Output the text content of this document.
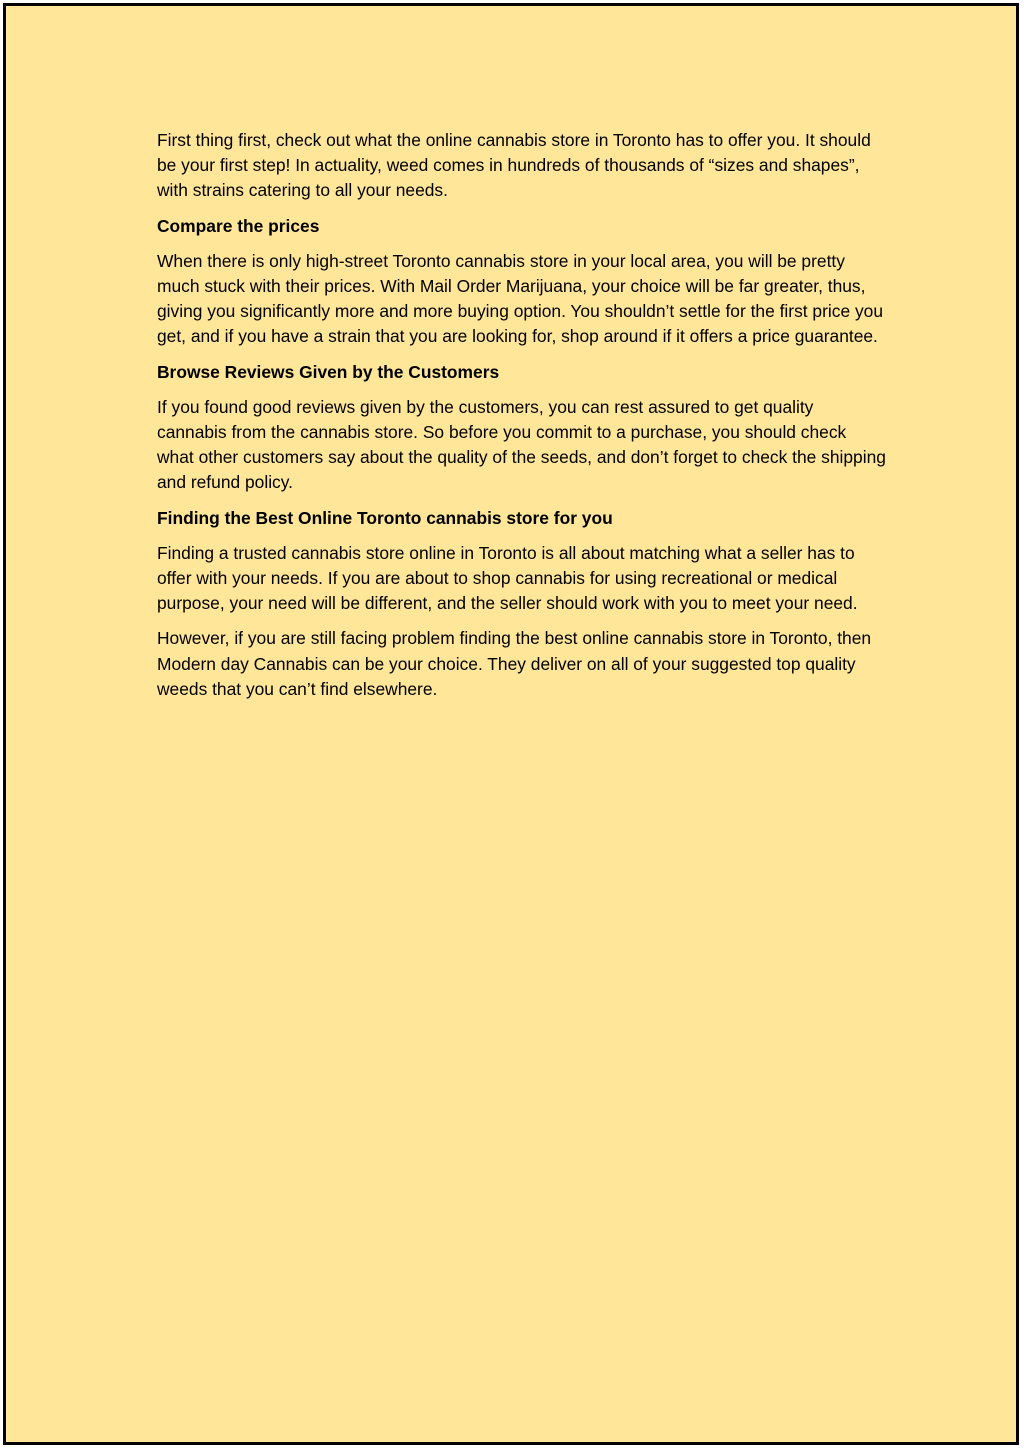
First thing first, check out what the online cannabis store in Toronto has to offer you. It should be your first step! In actuality, weed comes in hundreds of thousands of “sizes and shapes”, with strains catering to all your needs.

Compare the prices

When there is only high-street Toronto cannabis store in your local area, you will be pretty much stuck with their prices. With Mail Order Marijuana, your choice will be far greater, thus, giving you significantly more and more buying option. You shouldn’t settle for the first price you get, and if you have a strain that you are looking for, shop around if it offers a price guarantee.

Browse Reviews Given by the Customers

If you found good reviews given by the customers, you can rest assured to get quality cannabis from the cannabis store. So before you commit to a purchase, you should check what other customers say about the quality of the seeds, and don’t forget to check the shipping and refund policy.

Finding the Best Online Toronto cannabis store for you

Finding a trusted cannabis store online in Toronto is all about matching what a seller has to offer with your needs. If you are about to shop cannabis for using recreational or medical purpose, your need will be different, and the seller should work with you to meet your need.

However, if you are still facing problem finding the best online cannabis store in Toronto, then Modern day Cannabis can be your choice. They deliver on all of your suggested top quality weeds that you can’t find elsewhere.
